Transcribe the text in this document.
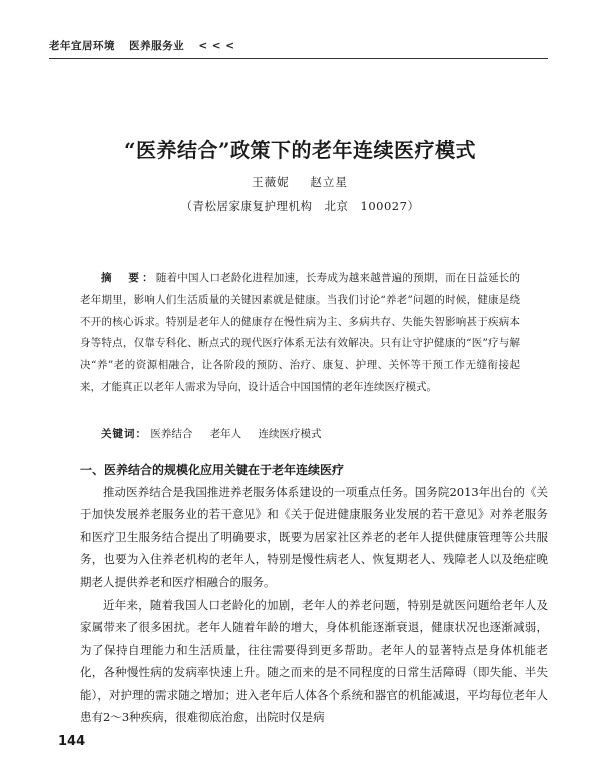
老年宜居环境 医养服务业 < < <
“医养结合”政策下的老年连续医疗模式
王薇妮 赵立星
（青松居家康复护理机构　北京　100027）
摘　要：随着中国人口老龄化进程加速，长寿成为越来越普遍的预期，而在日益延长的老年期里，影响人们生活质量的关键因素就是健康。当我们讨论“养老”问题的时候，健康是绕不开的核心诉求。特别是老年人的健康存在慢性病为主、多病共存、失能失智影响甚于疾病本身等特点，仅靠专科化、断点式的现代医疗体系无法有效解决。只有让守护健康的“医”疗与解决“养”老的资源相融合，让各阶段的预防、治疗、康复、护理、关怀等干预工作无缝衔接起来，才能真正以老年人需求为导向，设计适合中国国情的老年连续医疗模式。
关键词： 医养结合 老年人 连续医疗模式
一、医养结合的规模化应用关键在于老年连续医疗

推动医养结合是我国推进养老服务体系建设的一项重点任务。国务院2013年出台的《关于加快发展养老服务业的若干意见》和《关于促进健康服务业发展的若干意见》对养老服务和医疗卫生服务结合提出了明确要求，既要为居家社区养老的老年人提供健康管理等公共服务，也要为入住养老机构的老年人，特别是慢性病老人、恢复期老人、残障老人以及绝症晚期老人提供养老和医疗相融合的服务。

近年来，随着我国人口老龄化的加剧，老年人的养老问题，特别是就医问题给老年人及家属带来了很多困扰。老年人随着年龄的增大，身体机能逐渐衰退，健康状况也逐渐减弱，为了保持自理能力和生活质量，往往需要得到更多帮助。老年人的显著特点是身体机能老化，各种慢性病的发病率快速上升。随之而来的是不同程度的日常生活障碍（即失能、半失能），对护理的需求随之增加；进入老年后人体各个系统和器官的机能减退，平均每位老年人患有2～3种疾病，很难彻底治愈，出院时仅是病

144
